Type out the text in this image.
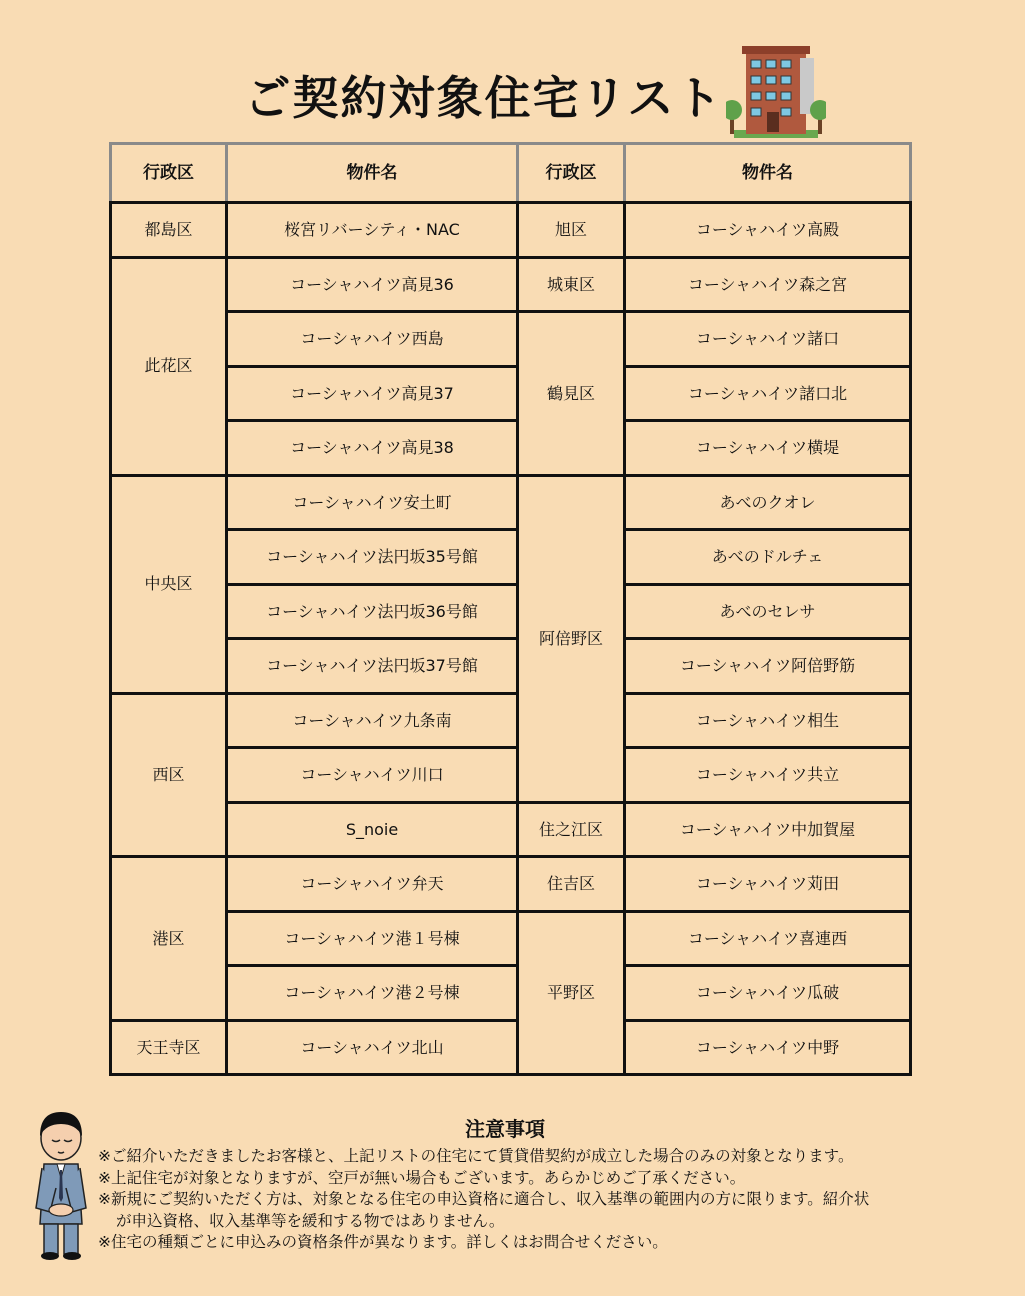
ご契約対象住宅リスト
行政区	物件名	行政区	物件名
都島区	桜宮リバーシティ・NAC	旭区	コーシャハイツ高殿
此花区	コーシャハイツ高見36	城東区	コーシャハイツ森之宮
	コーシャハイツ西島	鶴見区	コーシャハイツ諸口
	コーシャハイツ高見37		コーシャハイツ諸口北
	コーシャハイツ高見38		コーシャハイツ横堤
中央区	コーシャハイツ安土町	阿倍野区	あべのクオレ
	コーシャハイツ法円坂35号館		あべのドルチェ
	コーシャハイツ法円坂36号館		あべのセレサ
	コーシャハイツ法円坂37号館		コーシャハイツ阿倍野筋
西区	コーシャハイツ九条南		コーシャハイツ相生
	コーシャハイツ川口		コーシャハイツ共立
	S_noie	住之江区	コーシャハイツ中加賀屋
港区	コーシャハイツ弁天	住吉区	コーシャハイツ苅田
	コーシャハイツ港１号棟	平野区	コーシャハイツ喜連西
	コーシャハイツ港２号棟		コーシャハイツ瓜破
天王寺区	コーシャハイツ北山		コーシャハイツ中野
注意事項

※ご紹介いただきましたお客様と、上記リストの住宅にて賃貸借契約が成立した場合のみの対象となります。

※上記住宅が対象となりますが、空戸が無い場合もございます。あらかじめご了承ください。

※新規にご契約いただく方は、対象となる住宅の申込資格に適合し、収入基準の範囲内の方に限ります。紹介状

が申込資格、収入基準等を緩和する物ではありません。

※住宅の種類ごとに申込みの資格条件が異なります。詳しくはお問合せください。
